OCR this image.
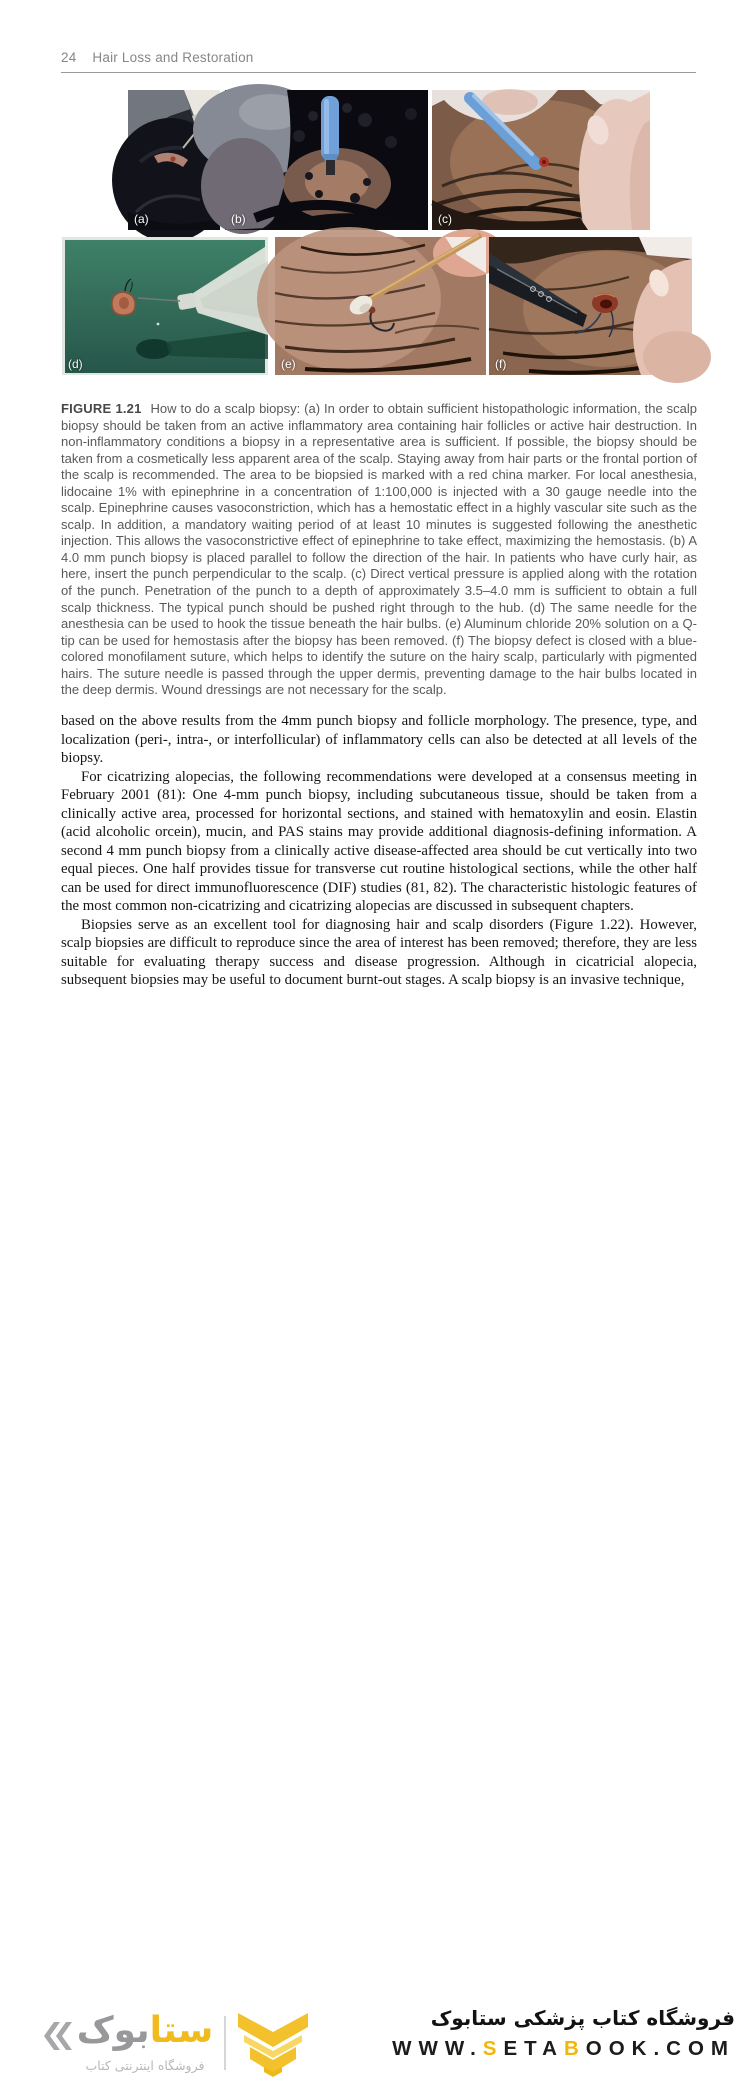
24 Hair Loss and Restoration
(a)	(b)	(c)
(d)	(e)	(f)

FIGURE 1.21 How to do a scalp biopsy: (a) In order to obtain sufficient histopathologic information, the scalp biopsy should be taken from an active inflammatory area containing hair follicles or active hair destruction. In non-inflammatory conditions a biopsy in a representative area is sufficient. If possible, the biopsy should be taken from a cosmetically less apparent area of the scalp. Staying away from hair parts or the frontal portion of the scalp is recommended. The area to be biopsied is marked with a red china marker. For local anesthesia, lidocaine 1% with epinephrine in a concentration of 1:100,000 is injected with a 30 gauge needle into the scalp. Epinephrine causes vasoconstriction, which has a hemostatic effect in a highly vascular site such as the scalp. In addition, a mandatory waiting period of at least 10 minutes is suggested following the anesthetic injection. This allows the vasoconstrictive effect of epinephrine to take effect, maximizing the hemostasis. (b) A 4.0 mm punch biopsy is placed parallel to follow the direction of the hair. In patients who have curly hair, as here, insert the punch perpendicular to the scalp. (c) Direct vertical pressure is applied along with the rotation of the punch. Penetration of the punch to a depth of approximately 3.5–4.0 mm is sufficient to obtain a full scalp thickness. The typical punch should be pushed right through to the hub. (d) The same needle for the anesthesia can be used to hook the tissue beneath the hair bulbs. (e) Aluminum chloride 20% solution on a Q-tip can be used for hemostasis after the biopsy has been removed. (f) The biopsy defect is closed with a blue-colored monofilament suture, which helps to identify the suture on the hairy scalp, particularly with pigmented hairs. The suture needle is passed through the upper dermis, preventing damage to the hair bulbs located in the deep dermis. Wound dressings are not necessary for the scalp.

based on the above results from the 4mm punch biopsy and follicle morphology. The presence, type, and localization (peri-, intra-, or interfollicular) of inflammatory cells can also be detected at all levels of the biopsy.

For cicatrizing alopecias, the following recommendations were developed at a consensus meeting in February 2001 (81): One 4-mm punch biopsy, including subcutaneous tissue, should be taken from a clinically active area, processed for horizontal sections, and stained with hematoxylin and eosin. Elastin (acid alcoholic orcein), mucin, and PAS stains may provide additional diagnosis-defining information. A second 4 mm punch biopsy from a clinically active disease-affected area should be cut vertically into two equal pieces. One half provides tissue for transverse cut routine histological sections, while the other half can be used for direct immunofluorescence (DIF) studies (81, 82). The characteristic histologic features of the most common non-cicatrizing and cicatrizing alopecias are discussed in subsequent chapters.

Biopsies serve as an excellent tool for diagnosing hair and scalp disorders (Figure 1.22). However, scalp biopsies are difficult to reproduce since the area of interest has been removed; therefore, they are less suitable for evaluating therapy success and disease progression. Although in cicatricial alopecia, subsequent biopsies may be useful to document burnt-out stages. A scalp biopsy is an invasive technique,

ستابوک
فروشگاه اینترنتی کتاب

فروشگاه کتاب پزشکی ستابوک

WWW.SETABOOK.COM
